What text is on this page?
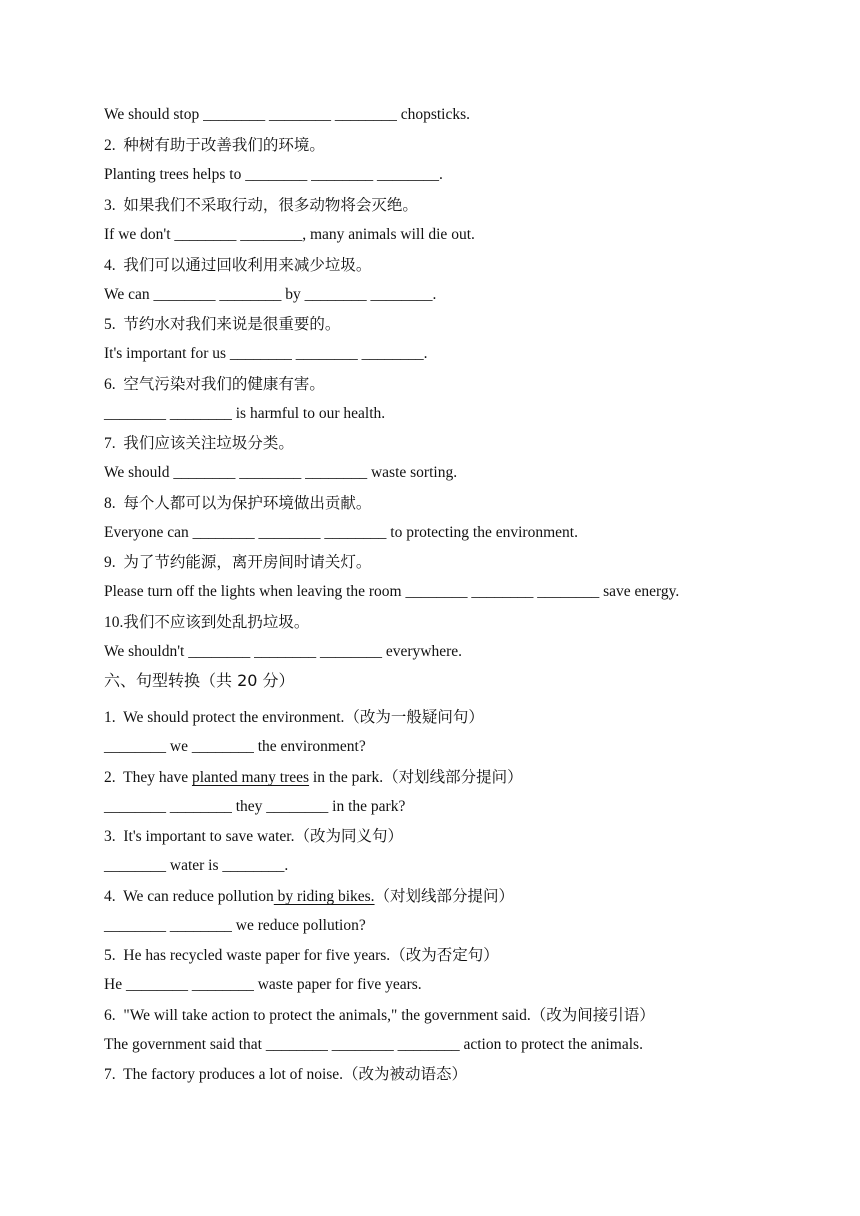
We should stop ________ ________ ________ chopsticks.
2.  种树有助于改善我们的环境。
Planting trees helps to ________ ________ ________.
3.  如果我们不采取行动，很多动物将会灭绝。
If we don't ________ ________, many animals will die out.
4.  我们可以通过回收利用来减少垃圾。
We can ________ ________ by ________ ________.
5.  节约水对我们来说是很重要的。
It's important for us ________ ________ ________.
6.  空气污染对我们的健康有害。
________ ________ is harmful to our health.
7.  我们应该关注垃圾分类。
We should ________ ________ ________ waste sorting.
8.  每个人都可以为保护环境做出贡献。
Everyone can ________ ________ ________ to protecting the environment.
9.  为了节约能源，离开房间时请关灯。
Please turn off the lights when leaving the room ________ ________ ________ save energy.
10.我们不应该到处乱扔垃圾。
We shouldn't ________ ________ ________ everywhere.
六、句型转换（共 20 分）
1.  We should protect the environment.（改为一般疑问句）
________ we ________ the environment?
2.  They have planted many trees in the park.（对划线部分提问）
________ ________ they ________ in the park?
3.  It's important to save water.（改为同义句）
________ water is ________.
4.  We can reduce pollution by riding bikes.（对划线部分提问）
________ ________ we reduce pollution?
5.  He has recycled waste paper for five years.（改为否定句）
He ________ ________ waste paper for five years.
6.  "We will take action to protect the animals," the government said.（改为间接引语）
The government said that ________ ________ ________ action to protect the animals.
7.  The factory produces a lot of noise.（改为被动语态）
